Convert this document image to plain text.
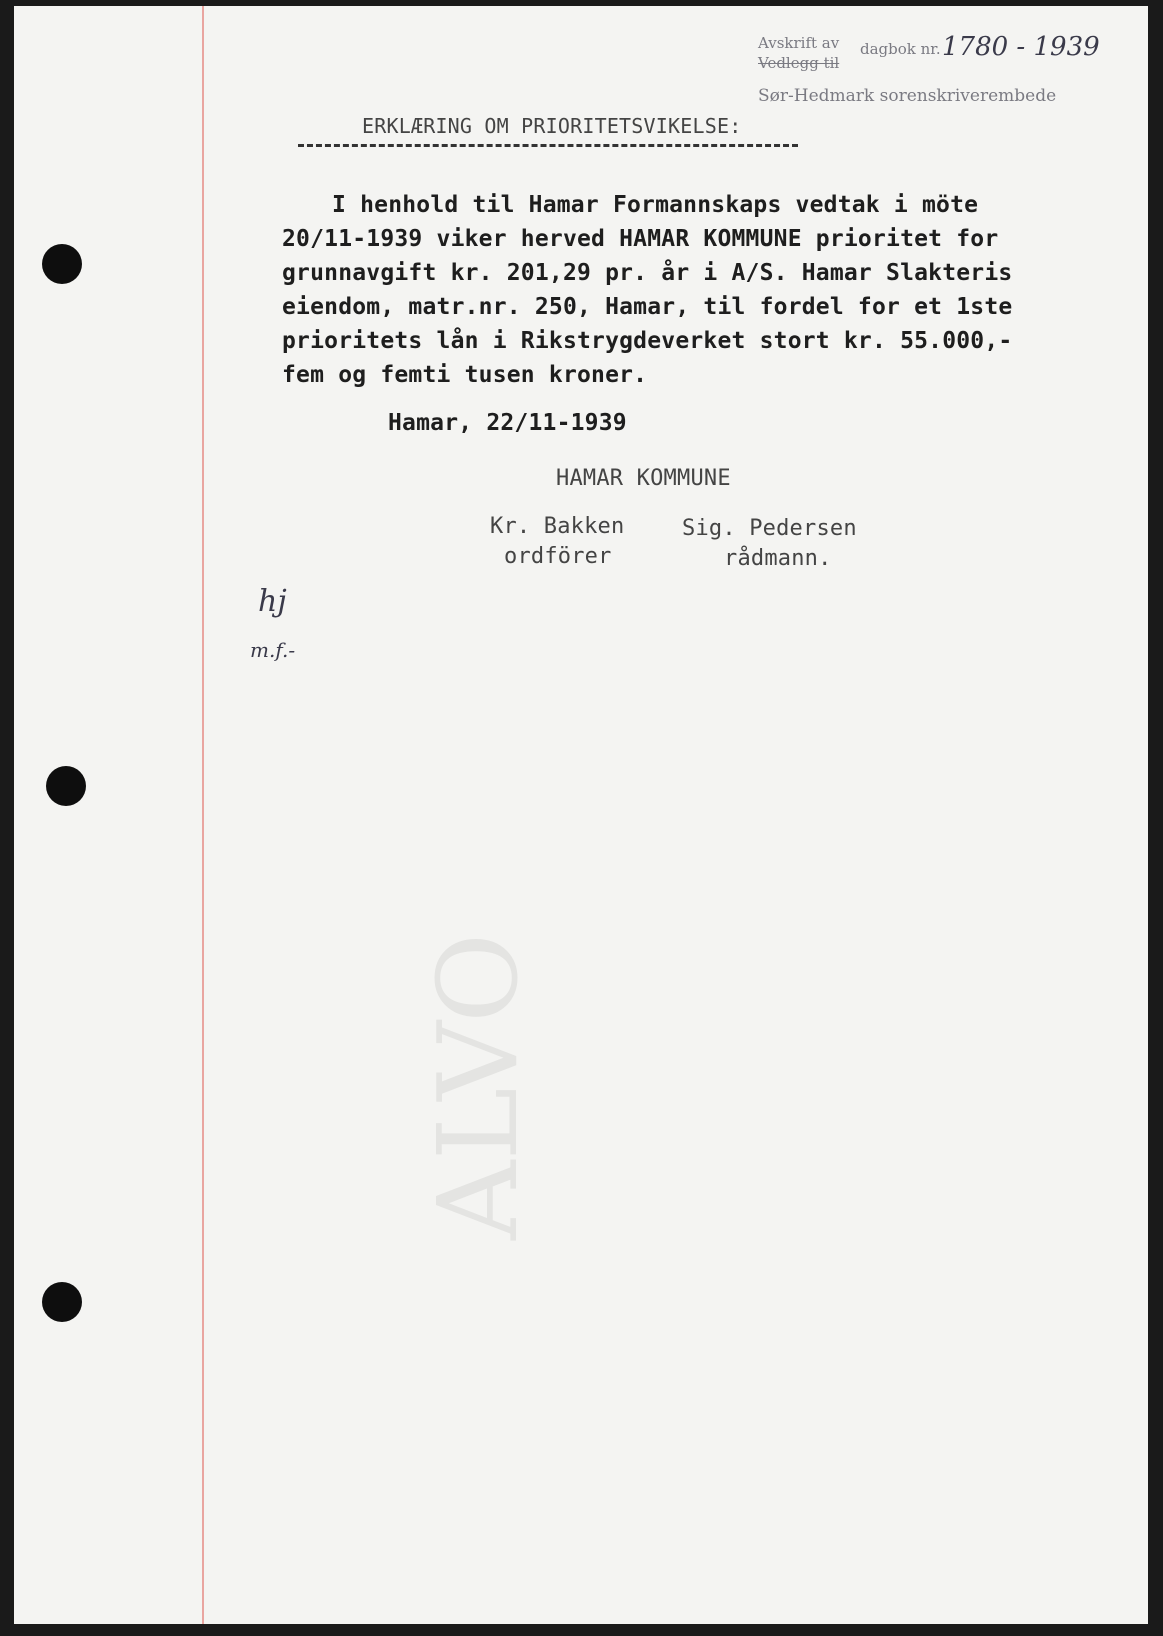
ALVO
Avskrift av dagbok nr. 1780 - 1939
Vedlegg til
Sør-Hedmark sorenskriverembede
ERKLÆRING OM PRIORITETSVIKELSE:
I henhold til Hamar Formannskaps vedtak i möte
20/11-1939 viker herved HAMAR KOMMUNE prioritet for
grunnavgift kr. 201,29 pr. år i A/S. Hamar Slakteris
eiendom, matr.nr. 250, Hamar, til fordel for et 1ste
prioritets lån i Rikstrygdeverket stort kr. 55.000,-
fem og femti tusen kroner.
Hamar, 22/11-1939
HAMAR KOMMUNE
Kr. Bakken
ordförer
Sig. Pedersen
rådmann.
hj
m.f.-
